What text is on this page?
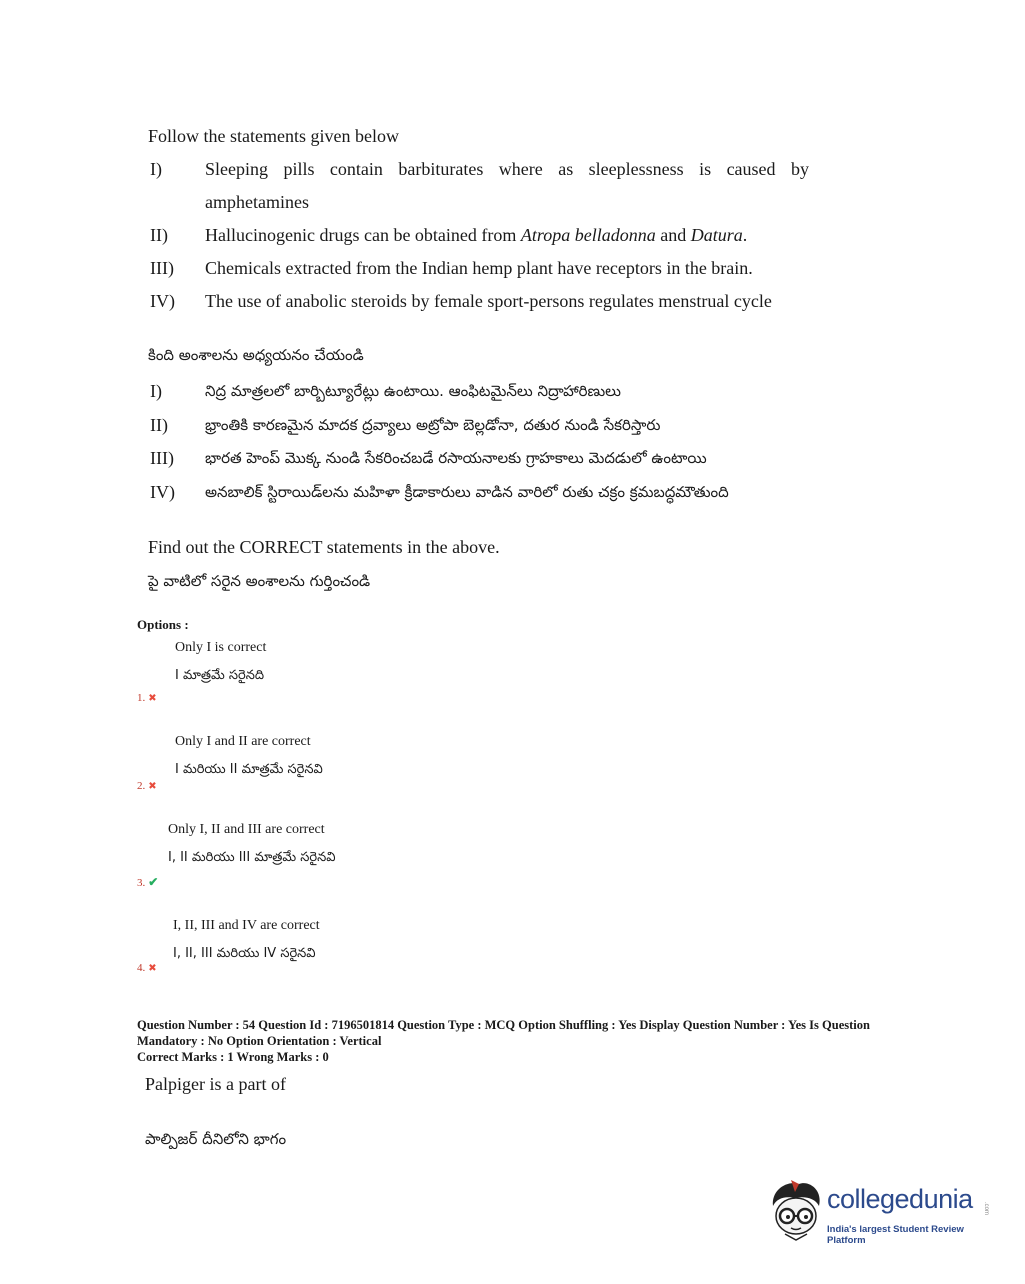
Follow the statements given below
I) Sleeping pills contain barbiturates where as sleeplessness is caused by
amphetamines
II) Hallucinogenic drugs can be obtained from Atropa belladonna and Datura.
III) Chemicals extracted from the Indian hemp plant have receptors in the brain.
IV) The use of anabolic steroids by female sport-persons regulates menstrual cycle
కింది అంశాలను అధ్యయనం చేయండి
I)	నిద్ర మాత్రలలో బార్బిట్యూరేట్లు ఉంటాయి. ఆంఫిటమైన్‌లు నిద్రాహారిణులు
II) భ్రాంతికి కారణమైన మాదక ద్రవ్యాలు అట్రోపా బెల్లడోనా, దతుర నుండి సేకరిస్తారు
III) భారత హెంప్ మొక్క నుండి సేకరించబడే రసాయనాలకు గ్రాహకాలు మెదడులో ఉంటాయి
IV) అనబాలిక్ స్టిరాయిడ్‌లను మహిళా క్రీడాకారులు వాడిన వారిలో రుతు చక్రం క్రమబద్ధమౌతుంది
Find out the CORRECT statements in the above.
పై వాటిలో సరైన అంశాలను గుర్తించండి
Options :
Only I is correct
I మాత్రమే సరైనది
1. ✖
Only I and II are correct
I మరియు II మాత్రమే సరైనవి
2. ✖
Only I, II and III are correct
I, II మరియు III మాత్రమే సరైనవి
3. ✔
I, II, III and IV are correct
I, II, III మరియు IV సరైనవి
4. ✖
Question Number : 54 Question Id : 7196501814 Question Type : MCQ Option Shuffling : Yes Display Question Number : Yes Is Question Mandatory : No Option Orientation : Vertical
Correct Marks : 1 Wrong Marks : 0
Palpiger is a part of
పాల్పిజర్ దీనిలోని భాగం
collegedunia .com
India's largest Student Review Platform
